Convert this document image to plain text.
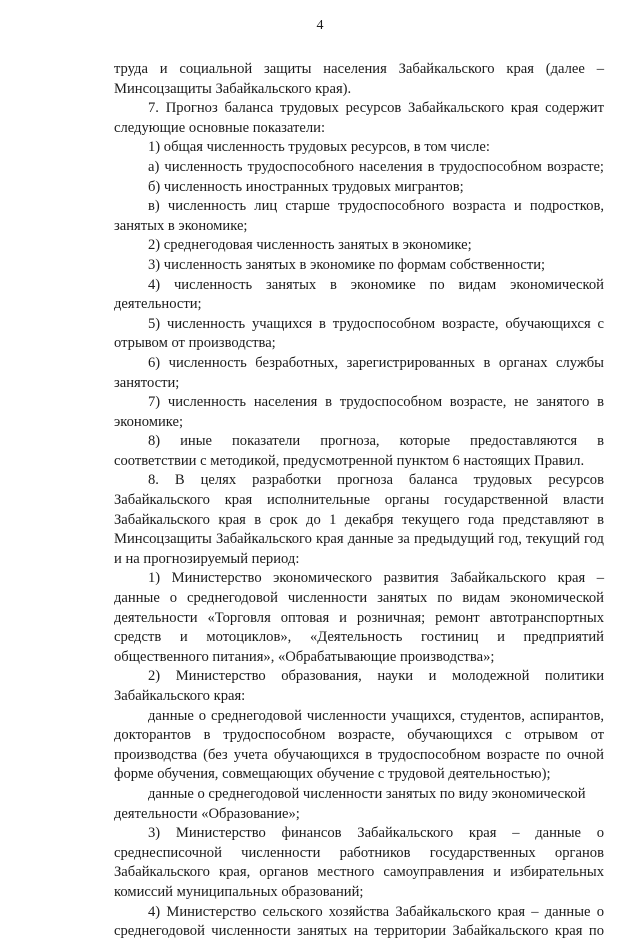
4
труда и социальной защиты населения Забайкальского края (далее –
Минсоцзащиты Забайкальского края).
7. Прогноз баланса трудовых ресурсов Забайкальского края содержит
следующие основные показатели:
1) общая численность трудовых ресурсов, в том числе:
а) численность трудоспособного населения в трудоспособном возрасте;
б) численность иностранных трудовых мигрантов;
в) численность лиц старше трудоспособного возраста и подростков,
занятых в экономике;
2) среднегодовая численность занятых в экономике;
3) численность занятых в экономике по формам собственности;
4) численность занятых в экономике по видам экономической
деятельности;
5) численность учащихся в трудоспособном возрасте, обучающихся с
отрывом от производства;
6) численность безработных, зарегистрированных в органах службы
занятости;
7) численность населения в трудоспособном возрасте, не занятого в
экономике;
8) иные показатели прогноза, которые предоставляются в
соответствии с методикой, предусмотренной пунктом 6 настоящих Правил.
8. В целях разработки прогноза баланса трудовых ресурсов
Забайкальского края исполнительные органы государственной власти
Забайкальского края в срок до 1 декабря текущего года представляют в
Минсоцзащиты Забайкальского края данные за предыдущий год, текущий год
и на прогнозируемый период:
1) Министерство экономического развития Забайкальского края –
данные о среднегодовой численности занятых по видам экономической
деятельности «Торговля оптовая и розничная; ремонт автотранспортных
средств и мотоциклов», «Деятельность гостиниц и предприятий
общественного питания», «Обрабатывающие производства»;
2) Министерство образования, науки и молодежной политики
Забайкальского края:
данные о среднегодовой численности учащихся, студентов, аспирантов,
докторантов в трудоспособном возрасте, обучающихся с отрывом от
производства (без учета обучающихся в трудоспособном возрасте по очной
форме обучения, совмещающих обучение с трудовой деятельностью);
данные о среднегодовой численности занятых по виду экономической
деятельности «Образование»;
3) Министерство финансов Забайкальского края – данные о
среднесписочной численности работников государственных органов
Забайкальского края, органов местного самоуправления и избирательных
комиссий муниципальных образований;
4) Министерство сельского хозяйства Забайкальского края – данные о
среднегодовой численности занятых на территории Забайкальского края по
